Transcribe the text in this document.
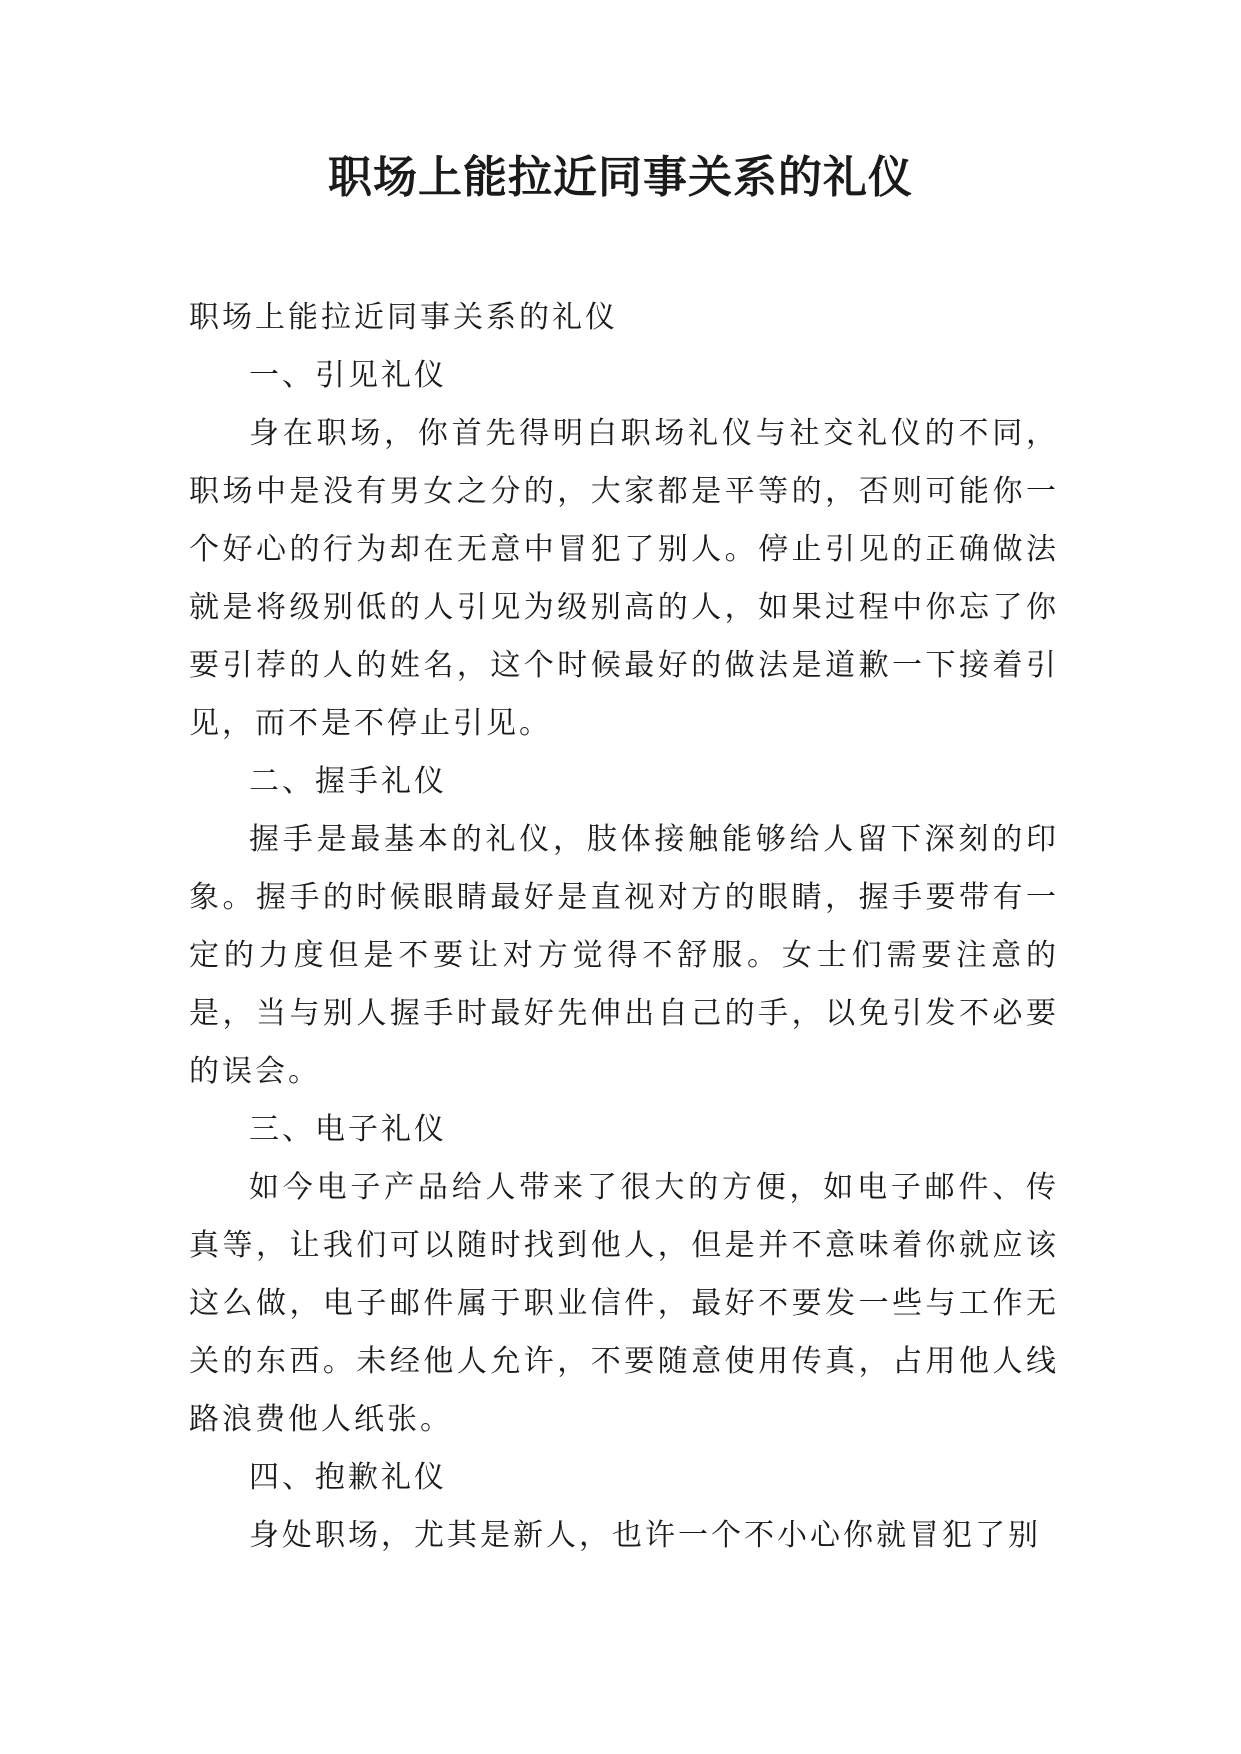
职场上能拉近同事关系的礼仪

职场上能拉近同事关系的礼仪

一、引见礼仪

身在职场，你首先得明白职场礼仪与社交礼仪的不同，职场中是没有男女之分的，大家都是平等的，否则可能你一个好心的行为却在无意中冒犯了别人。停止引见的正确做法就是将级别低的人引见为级别高的人，如果过程中你忘了你要引荐的人的姓名，这个时候最好的做法是道歉一下接着引见，而不是不停止引见。

二、握手礼仪

握手是最基本的礼仪，肢体接触能够给人留下深刻的印象。握手的时候眼睛最好是直视对方的眼睛，握手要带有一定的力度但是不要让对方觉得不舒服。女士们需要注意的是，当与别人握手时最好先伸出自己的手，以免引发不必要的误会。

三、电子礼仪

如今电子产品给人带来了很大的方便，如电子邮件、传真等，让我们可以随时找到他人，但是并不意味着你就应该这么做，电子邮件属于职业信件，最好不要发一些与工作无关的东西。未经他人允许，不要随意使用传真，占用他人线路浪费他人纸张。

四、抱歉礼仪

身处职场，尤其是新人，也许一个不小心你就冒犯了别
